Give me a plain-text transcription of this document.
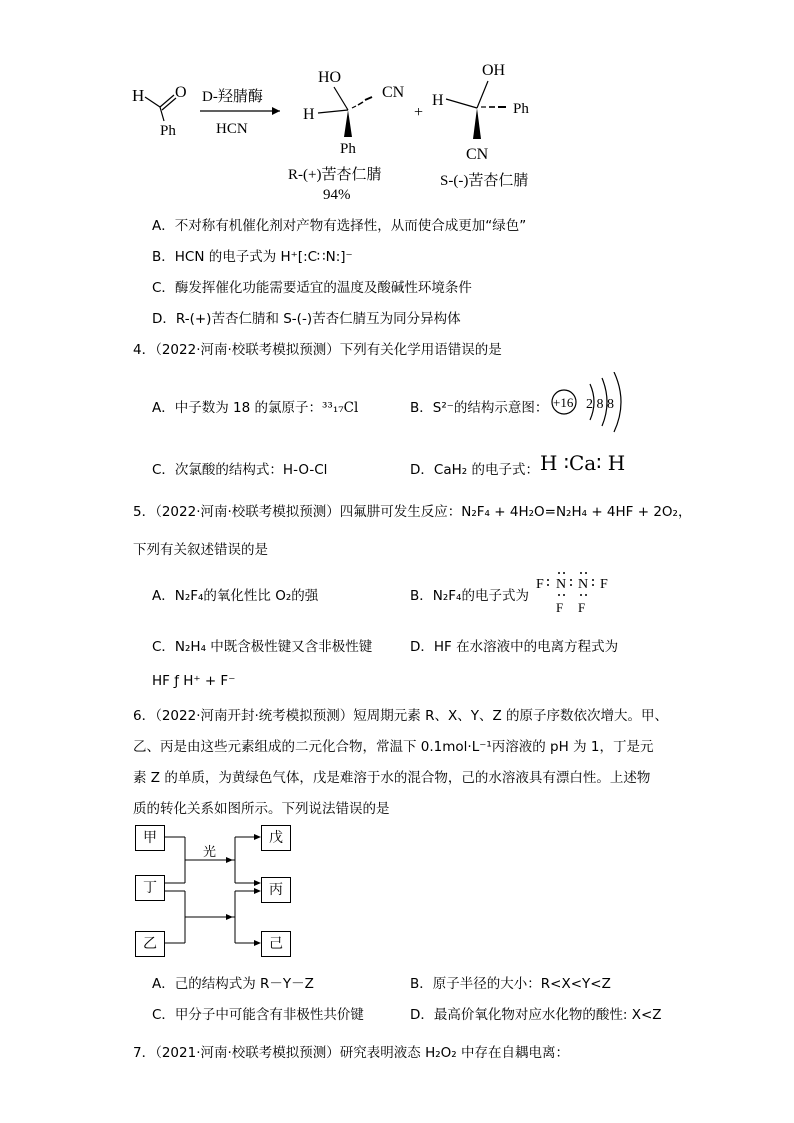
H O
Ph
D-羟腈酶
HCN
HO
CN
H
Ph
R-(+)苦杏仁腈
94%
+
OH
H	Ph
CN
S-(-)苦杏仁腈
A．不对称有机催化剂对产物有选择性，从而使合成更加“绿色”
B．HCN 的电子式为 H⁺[:C∷N:]⁻
C．酶发挥催化功能需要适宜的温度及酸碱性环境条件
D．R-(+)苦杏仁腈和 S-(-)苦杏仁腈互为同分异构体
4．（2022·河南·校联考模拟预测）下列有关化学用语错误的是
A．中子数为 18 的氯原子：³³₁₇Cl	B．S²⁻的结构示意图： +16 2 8 8
C．次氯酸的结构式：H-O-Cl	D．CaH₂ 的电子式： H ∶Ca∶ H
5．（2022·河南·校联考模拟预测）四氟肼可发生反应：N₂F₄ + 4H₂O=N₂H₄ + 4HF + 2O₂，
下列有关叙述错误的是
A．N₂F₄的氧化性比 O₂的强	B．N₂F₄的电子式为
F N N F
F F
C．N₂H₄ 中既含极性键又含非极性键	D．HF 在水溶液中的电离方程式为
HF ƒ H⁺ + F⁻
6．（2022·河南开封·统考模拟预测）短周期元素 R、X、Y、Z 的原子序数依次增大。甲、
乙、丙是由这些元素组成的二元化合物，常温下 0.1mol·L⁻¹丙溶液的 pH 为 1，丁是元
素 Z 的单质，为黄绿色气体，戊是难溶于水的混合物，己的水溶液具有漂白性。上述物
质的转化关系如图所示。下列说法错误的是
甲
丁
乙
戊
丙
己
光
A．己的结构式为 R－Y－Z	B．原子半径的大小：R<X<Y<Z
C．甲分子中可能含有非极性共价键	D．最高价氧化物对应水化物的酸性: X<Z
7．（2021·河南·校联考模拟预测）研究表明液态 H₂O₂ 中存在自耦电离：
